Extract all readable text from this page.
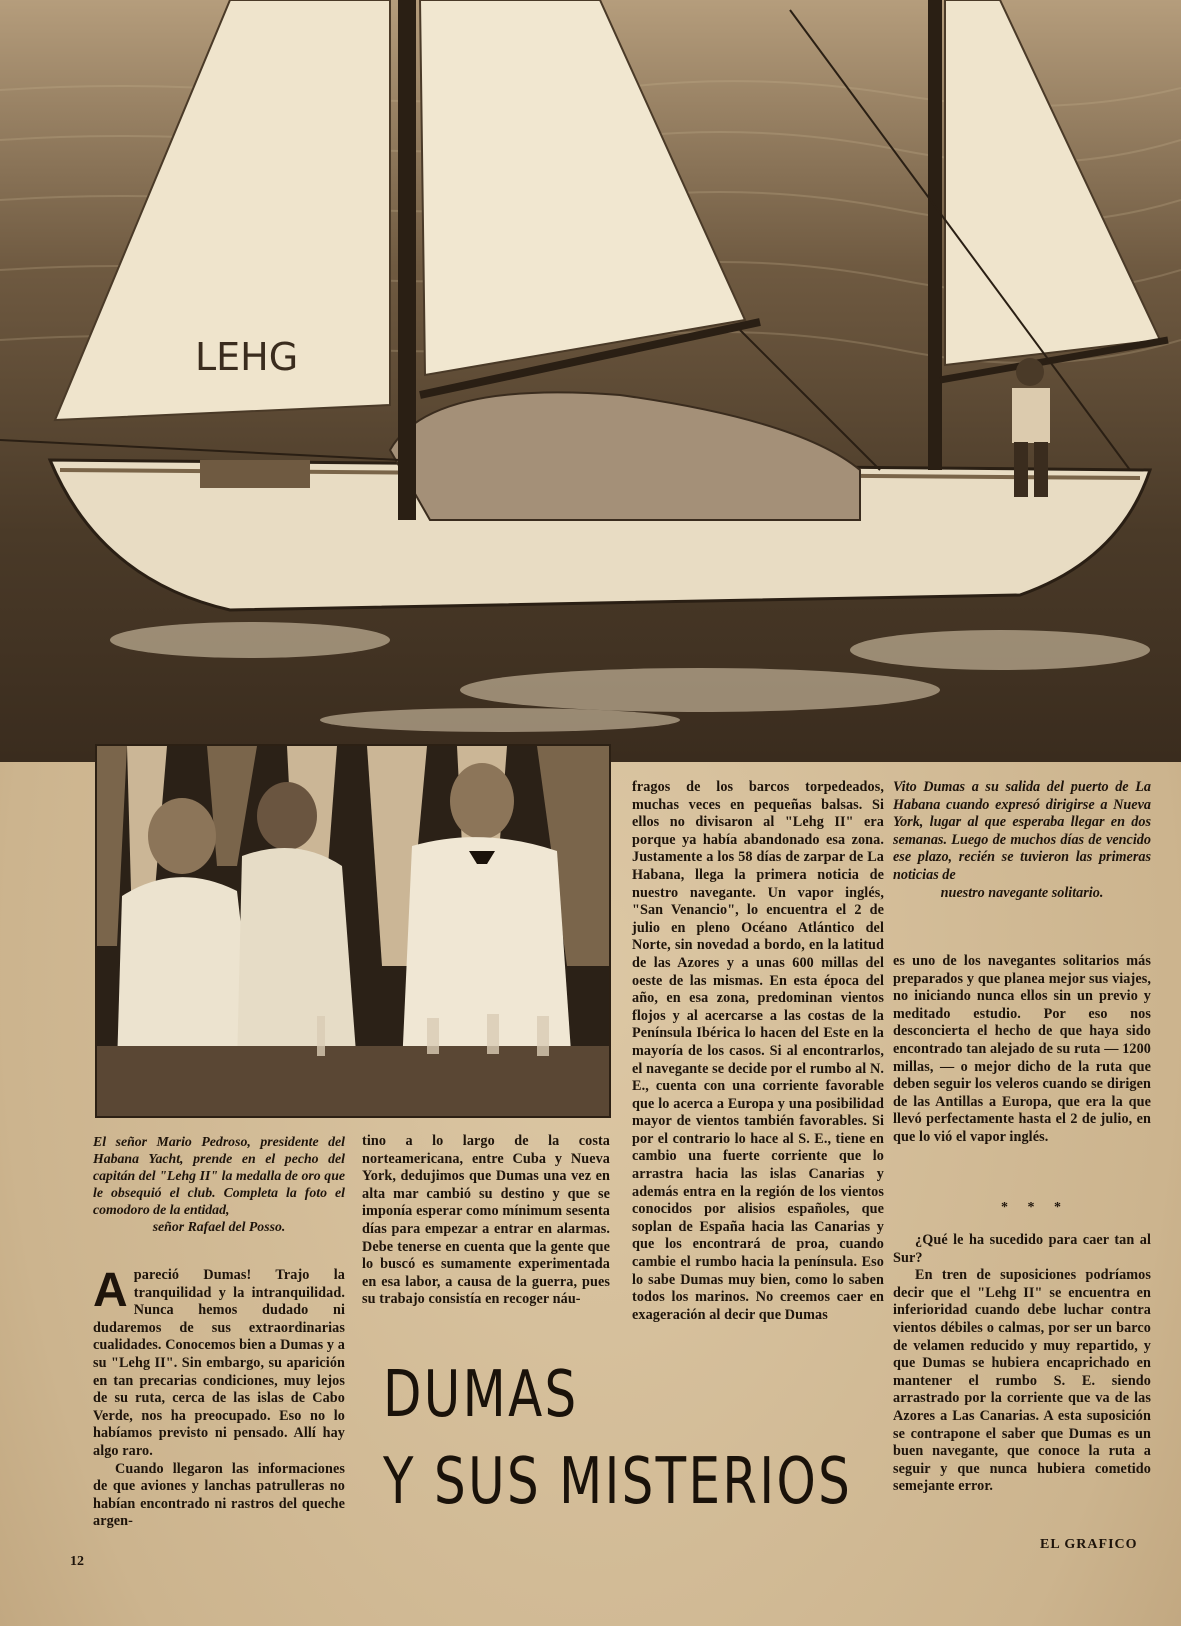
LEHG
El señor Mario Pedroso, presidente del Habana Yacht, prende en el pecho del capitán del "Lehg II" la medalla de oro que le obsequió el club. Completa la foto el comodoro de la entidad,
señor Rafael del Posso.

Apareció Dumas! Trajo la tranquilidad y la intranquilidad. Nunca hemos dudado ni dudaremos de sus extraordinarias cualidades. Conocemos bien a Dumas y a su "Lehg II". Sin embargo, su aparición en tan precarias condiciones, muy lejos de su ruta, cerca de las islas de Cabo Verde, nos ha preocupado. Eso no lo habíamos previsto ni pensado. Allí hay algo raro.

Cuando llegaron las informaciones de que aviones y lanchas patrulleras no habían encontrado ni rastros del queche argen-

tino a lo largo de la costa norteamericana, entre Cuba y Nueva York, dedujimos que Dumas una vez en alta mar cambió su destino y que se imponía esperar como mínimum sesenta días para empezar a entrar en alarmas. Debe tenerse en cuenta que la gente que lo buscó es sumamente experimentada en esa labor, a causa de la guerra, pues su trabajo consistía en recoger náu-

fragos de los barcos torpedeados, muchas veces en pequeñas balsas. Si ellos no divisaron al "Lehg II" era porque ya había abandonado esa zona. Justamente a los 58 días de zarpar de La Habana, llega la primera noticia de nuestro navegante. Un vapor inglés, "San Venancio", lo encuentra el 2 de julio en pleno Océano Atlántico del Norte, sin novedad a bordo, en la latitud de las Azores y a unas 600 millas del oeste de las mismas. En esta época del año, en esa zona, predominan vientos flojos y al acercarse a las costas de la Península Ibérica lo hacen del Este en la mayoría de los casos. Si al encontrarlos, el navegante se decide por el rumbo al N. E., cuenta con una corriente favorable que lo acerca a Europa y una posibilidad mayor de vientos también favorables. Si por el contrario lo hace al S. E., tiene en cambio una fuerte corriente que lo arrastra hacia las islas Canarias y además entra en la región de los vientos conocidos por alisios españoles, que soplan de España hacia las Canarias y que los encontrará de proa, cuando cambie el rumbo hacia la península. Eso lo sabe Dumas muy bien, como lo saben todos los marinos. No creemos caer en exageración al decir que Dumas

Vito Dumas a su salida del puerto de La Habana cuando expresó dirigirse a Nueva York, lugar al que esperaba llegar en dos semanas. Luego de muchos días de vencido ese plazo, recién se tuvieron las primeras noticias de
nuestro navegante solitario.

es uno de los navegantes solitarios más preparados y que planea mejor sus viajes, no iniciando nunca ellos sin un previo y meditado estudio. Por eso nos desconcierta el hecho de que haya sido encontrado tan alejado de su ruta — 1200 millas, — o mejor dicho de la ruta que deben seguir los veleros cuando se dirigen de las Antillas a Europa, que era la que llevó perfectamente hasta el 2 de julio, en que lo vió el vapor inglés.

* * *

¿Qué le ha sucedido para caer tan al Sur?

En tren de suposiciones podríamos decir que el "Lehg II" se encuentra en inferioridad cuando debe luchar contra vientos débiles o calmas, por ser un barco de velamen reducido y muy repartido, y que Dumas se hubiera encaprichado en mantener el rumbo S. E. siendo arrastrado por la corriente que va de las Azores a Las Canarias. A esta suposición se contrapone el saber que Dumas es un buen navegante, que conoce la ruta a seguir y que nunca hubiera cometido semejante error.

DUMAS
Y SUS MISTERIOS
12
EL GRAFICO
